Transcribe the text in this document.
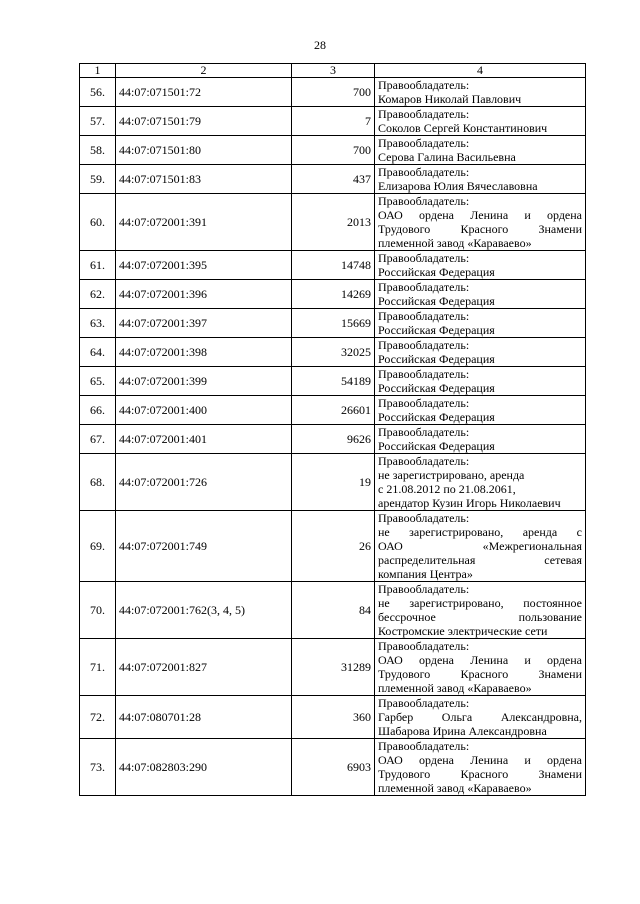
28
1	2	3	4
56.	44:07:071501:72	700	Правообладатель:
Комаров Николай Павлович

57.	44:07:071501:79	7	Правообладатель:
Соколов Сергей Константинович

58.	44:07:071501:80	700	Правообладатель:
Серова Галина Васильевна

59.	44:07:071501:83	437	Правообладатель:
Елизарова Юлия Вячеславовна

60.	44:07:072001:391	2013	Правообладатель:
ОАО ордена Ленина и ордена
Трудового Красного Знамени
племенной завод «Караваево»

61.	44:07:072001:395	14748	Правообладатель:
Российская Федерация

62.	44:07:072001:396	14269	Правообладатель:
Российская Федерация

63.	44:07:072001:397	15669	Правообладатель:
Российская Федерация

64.	44:07:072001:398	32025	Правообладатель:
Российская Федерация

65.	44:07:072001:399	54189	Правообладатель:
Российская Федерация

66.	44:07:072001:400	26601	Правообладатель:
Российская Федерация

67.	44:07:072001:401	9626	Правообладатель:
Российская Федерация

68.	44:07:072001:726	19	Правообладатель:
не зарегистрировано, аренда
с 21.08.2012 по 21.08.2061,
арендатор Кузин Игорь Николаевич

69.	44:07:072001:749	26	Правообладатель:
не зарегистрировано, аренда с
ОАО «Межрегиональная
распределительная сетевая
компания Центра»

70.	44:07:072001:762(3, 4, 5)	84	Правообладатель:
не зарегистрировано, постоянное
бессрочное пользование
Костромские электрические сети

71.	44:07:072001:827	31289	Правообладатель:
ОАО ордена Ленина и ордена
Трудового Красного Знамени
племенной завод «Караваево»

72.	44:07:080701:28	360	Правообладатель:
Гарбер Ольга Александровна,
Шабарова Ирина Александровна

73.	44:07:082803:290	6903	Правообладатель:
ОАО ордена Ленина и ордена
Трудового Красного Знамени
племенной завод «Караваево»
